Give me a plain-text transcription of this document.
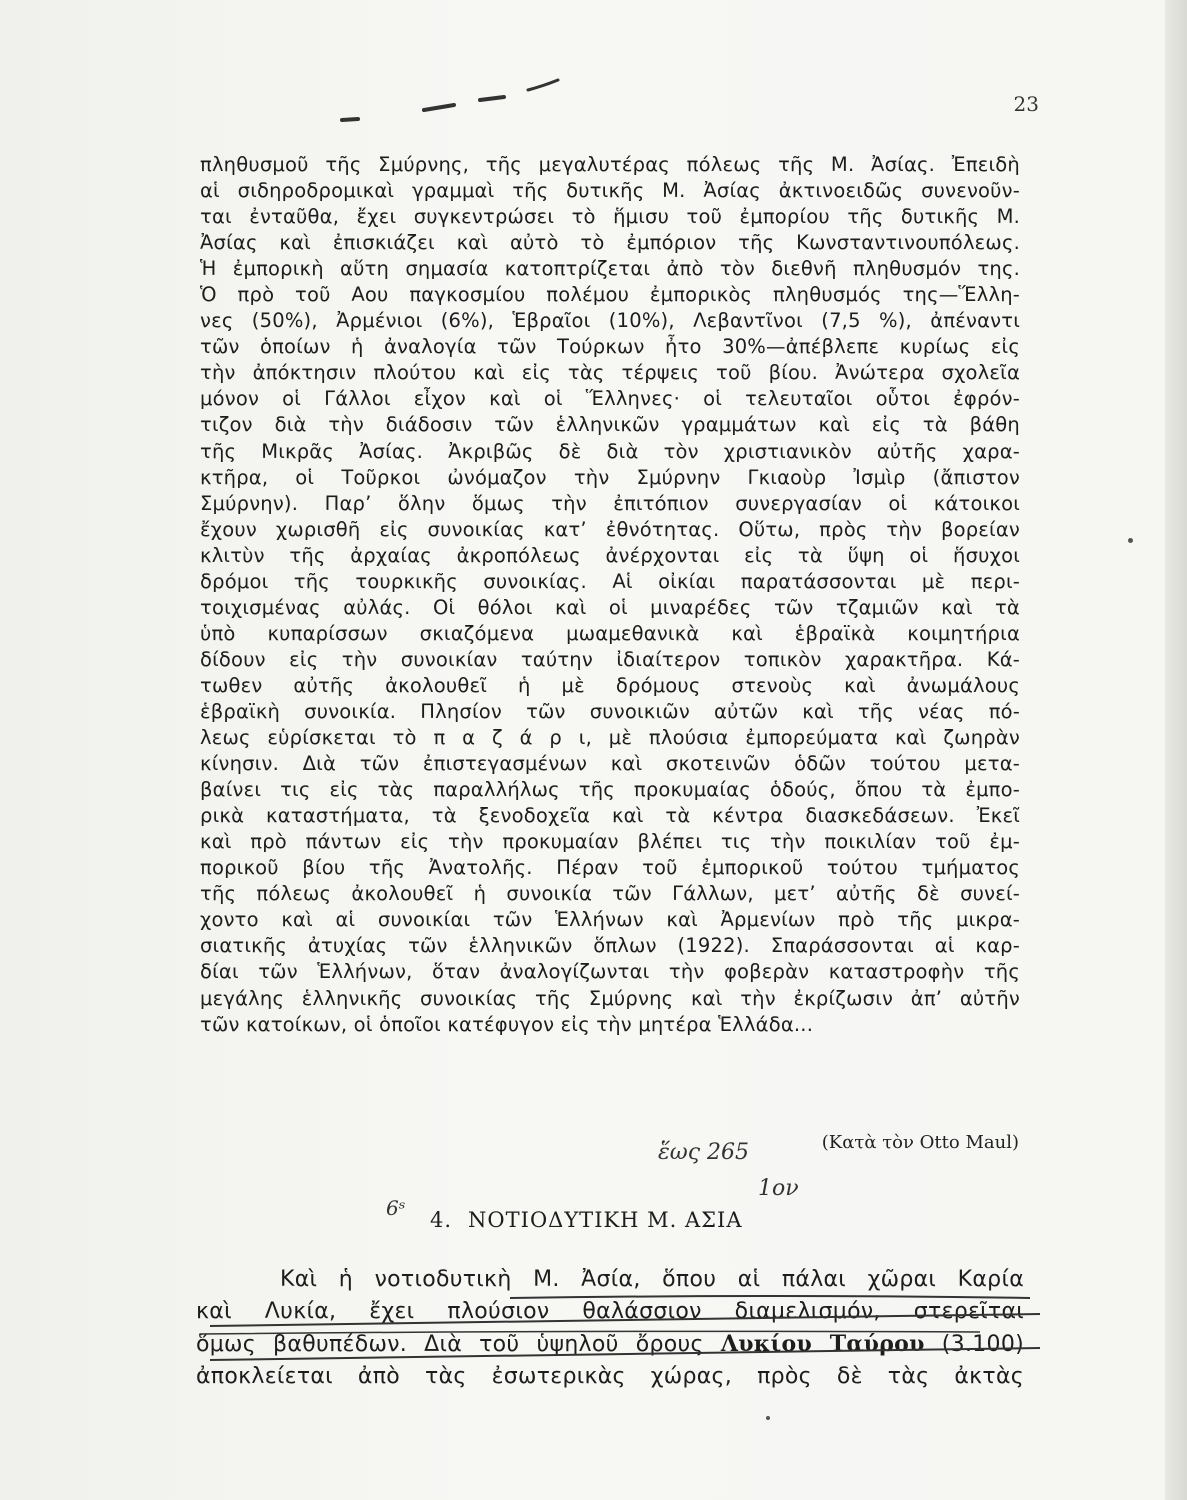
23
πληθυσμοῦ τῆς Σμύρνης, τῆς μεγαλυτέρας πόλεως τῆς Μ. Ἀσίας. Ἐπειδὴ
αἱ σιδηροδρομικαὶ γραμμαὶ τῆς δυτικῆς Μ. Ἀσίας ἀκτινοειδῶς συνενοῦν-
ται ἐνταῦθα, ἔχει συγκεντρώσει τὸ ἥμισυ τοῦ ἐμπορίου τῆς δυτικῆς Μ.
Ἀσίας καὶ ἐπισκιάζει καὶ αὐτὸ τὸ ἐμπόριον τῆς Κωνσταντινουπόλεως.
Ἡ ἐμπορικὴ αὕτη σημασία κατοπτρίζεται ἀπὸ τὸν διεθνῆ πληθυσμόν της.
Ὁ πρὸ τοῦ Αου παγκοσμίου πολέμου ἐμπορικὸς πληθυσμός της—Ἕλλη-
νες (50%), Ἀρμένιοι (6%), Ἑβραῖοι (10%), Λεβαντῖνοι (7,5 %), ἀπέναντι
τῶν ὁποίων ἡ ἀναλογία τῶν Τούρκων ἦτο 30%—ἀπέβλεπε κυρίως εἰς
τὴν ἀπόκτησιν πλούτου καὶ εἰς τὰς τέρψεις τοῦ βίου. Ἀνώτερα σχολεῖα
μόνον οἱ Γάλλοι εἶχον καὶ οἱ Ἕλληνες· οἱ τελευταῖοι οὗτοι ἐφρόν-
τιζον διὰ τὴν διάδοσιν τῶν ἑλληνικῶν γραμμάτων καὶ εἰς τὰ βάθη
τῆς Μικρᾶς Ἀσίας. Ἀκριβῶς δὲ διὰ τὸν χριστιανικὸν αὐτῆς χαρα-
κτῆρα, οἱ Τοῦρκοι ὠνόμαζον τὴν Σμύρνην Γκιαοὺρ Ἰσμὶρ (ἄπιστον
Σμύρνην). Παρ’ ὅλην ὅμως τὴν ἐπιτόπιον συνεργασίαν οἱ κάτοικοι
ἔχουν χωρισθῆ εἰς συνοικίας κατ’ ἐθνότητας. Οὕτω, πρὸς τὴν βορείαν
κλιτὺν τῆς ἀρχαίας ἀκροπόλεως ἀνέρχονται εἰς τὰ ὕψη οἱ ἥσυχοι
δρόμοι τῆς τουρκικῆς συνοικίας. Αἱ οἰκίαι παρατάσσονται μὲ περι-
τοιχισμένας αὐλάς. Οἱ θόλοι καὶ οἱ μιναρέδες τῶν τζαμιῶν καὶ τὰ
ὑπὸ κυπαρίσσων σκιαζόμενα μωαμεθανικὰ καὶ ἑβραϊκὰ κοιμητήρια
δίδουν εἰς τὴν συνοικίαν ταύτην ἰδιαίτερον τοπικὸν χαρακτῆρα. Κά-
τωθεν αὐτῆς ἀκολουθεῖ ἡ μὲ δρόμους στενοὺς καὶ ἀνωμάλους
ἑβραϊκὴ συνοικία. Πλησίον τῶν συνοικιῶν αὐτῶν καὶ τῆς νέας πό-
λεως εὑρίσκεται τὸ π α ζ ά ρ ι, μὲ πλούσια ἐμπορεύματα καὶ ζωηρὰν
κίνησιν. Διὰ τῶν ἐπιστεγασμένων καὶ σκοτεινῶν ὁδῶν τούτου μετα-
βαίνει τις εἰς τὰς παραλλήλως τῆς προκυμαίας ὁδούς, ὅπου τὰ ἐμπο-
ρικὰ καταστήματα, τὰ ξενοδοχεῖα καὶ τὰ κέντρα διασκεδάσεων. Ἐκεῖ
καὶ πρὸ πάντων εἰς τὴν προκυμαίαν βλέπει τις τὴν ποικιλίαν τοῦ ἐμ-
πορικοῦ βίου τῆς Ἀνατολῆς. Πέραν τοῦ ἐμπορικοῦ τούτου τμήματος
τῆς πόλεως ἀκολουθεῖ ἡ συνοικία τῶν Γάλλων, μετ’ αὐτῆς δὲ συνεί-
χοντο καὶ αἱ συνοικίαι τῶν Ἑλλήνων καὶ Ἀρμενίων πρὸ τῆς μικρα-
σιατικῆς ἀτυχίας τῶν ἑλληνικῶν ὅπλων (1922). Σπαράσσονται αἱ καρ-
δίαι τῶν Ἑλλήνων, ὅταν ἀναλογίζωνται τὴν φοβερὰν καταστροφὴν τῆς
μεγάλης ἑλληνικῆς συνοικίας τῆς Σμύρνης καὶ τὴν ἐκρίζωσιν ἀπ’ αὐτῆν
τῶν κατοίκων, οἱ ὁποῖοι κατέφυγον εἰς τὴν μητέρα Ἑλλάδα...
ἕως 265	(Κατὰ τὸν Otto Maul)
1ον
6ˢ 4. ΝΟΤΙΟΔΥΤΙΚΗ Μ. ΑΣΙΑ
Καὶ ἡ νοτιοδυτικὴ Μ. Ἀσία, ὅπου αἱ πάλαι χῶραι Καρία
καὶ Λυκία, ἔχει πλούσιον θαλάσσιον διαμελισμόν, στερεῖται
ὅμως βαθυπέδων. Διὰ τοῦ ὑψηλοῦ ὄρους Λυκίου Ταύρου (3.100)
ἀποκλείεται ἀπὸ τὰς ἐσωτερικὰς χώρας, πρὸς δὲ τὰς ἀκτὰς
